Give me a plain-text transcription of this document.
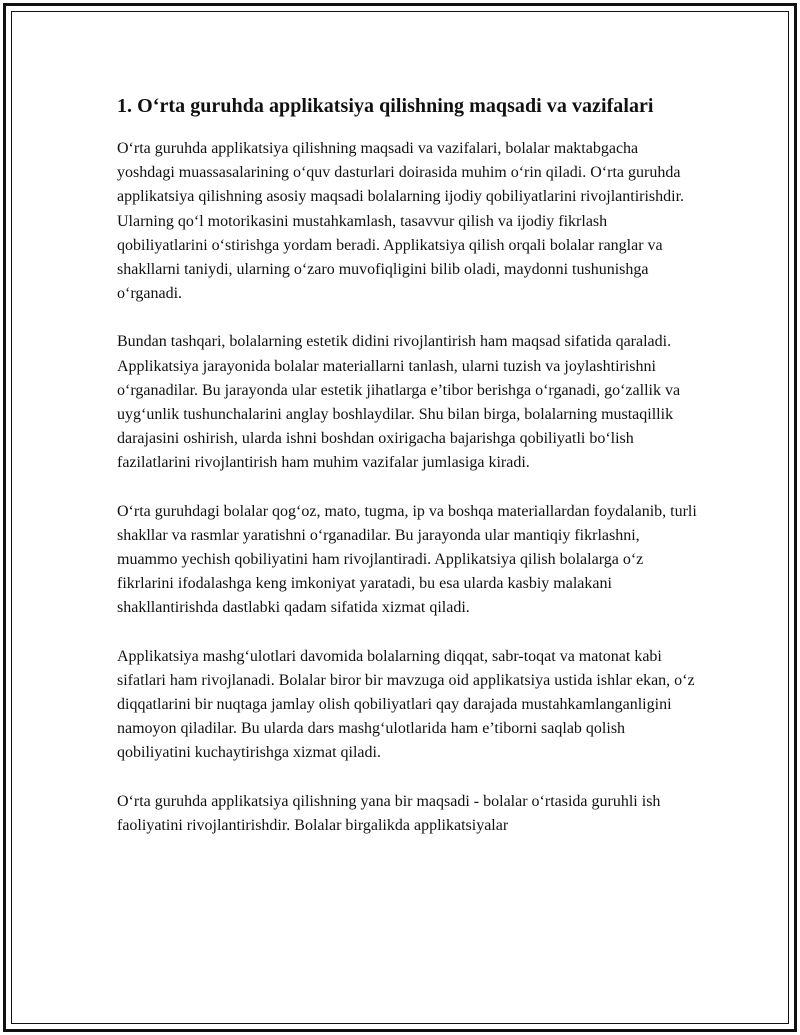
1. O‘rta guruhda applikatsiya qilishning maqsadi va vazifalari

O‘rta guruhda applikatsiya qilishning maqsadi va vazifalari, bolalar maktabgacha yoshdagi muassasalarining o‘quv dasturlari doirasida muhim o‘rin qiladi. O‘rta guruhda applikatsiya qilishning asosiy maqsadi bolalarning ijodiy qobiliyatlarini rivojlantirishdir. Ularning qo‘l motorikasini mustahkamlash, tasavvur qilish va ijodiy fikrlash qobiliyatlarini o‘stirishga yordam beradi. Applikatsiya qilish orqali bolalar ranglar va shakllarni taniydi, ularning o‘zaro muvofiqligini bilib oladi, maydonni tushunishga o‘rganadi.

Bundan tashqari, bolalarning estetik didini rivojlantirish ham maqsad sifatida qaraladi. Applikatsiya jarayonida bolalar materiallarni tanlash, ularni tuzish va joylashtirishni o‘rganadilar. Bu jarayonda ular estetik jihatlarga e’tibor berishga o‘rganadi, go‘zallik va uyg‘unlik tushunchalarini anglay boshlaydilar. Shu bilan birga, bolalarning mustaqillik darajasini oshirish, ularda ishni boshdan oxirigacha bajarishga qobiliyatli bo‘lish fazilatlarini rivojlantirish ham muhim vazifalar jumlasiga kiradi.

O‘rta guruhdagi bolalar qog‘oz, mato, tugma, ip va boshqa materiallardan foydalanib, turli shakllar va rasmlar yaratishni o‘rganadilar. Bu jarayonda ular mantiqiy fikrlashni, muammo yechish qobiliyatini ham rivojlantiradi. Applikatsiya qilish bolalarga o‘z fikrlarini ifodalashga keng imkoniyat yaratadi, bu esa ularda kasbiy malakani shakllantirishda dastlabki qadam sifatida xizmat qiladi.

Applikatsiya mashg‘ulotlari davomida bolalarning diqqat, sabr-toqat va matonat kabi sifatlari ham rivojlanadi. Bolalar biror bir mavzuga oid applikatsiya ustida ishlar ekan, o‘z diqqatlarini bir nuqtaga jamlay olish qobiliyatlari qay darajada mustahkamlanganligini namoyon qiladilar. Bu ularda dars mashg‘ulotlarida ham e’tiborni saqlab qolish qobiliyatini kuchaytirishga xizmat qiladi.

O‘rta guruhda applikatsiya qilishning yana bir maqsadi - bolalar o‘rtasida guruhli ish faoliyatini rivojlantirishdir. Bolalar birgalikda applikatsiyalar
